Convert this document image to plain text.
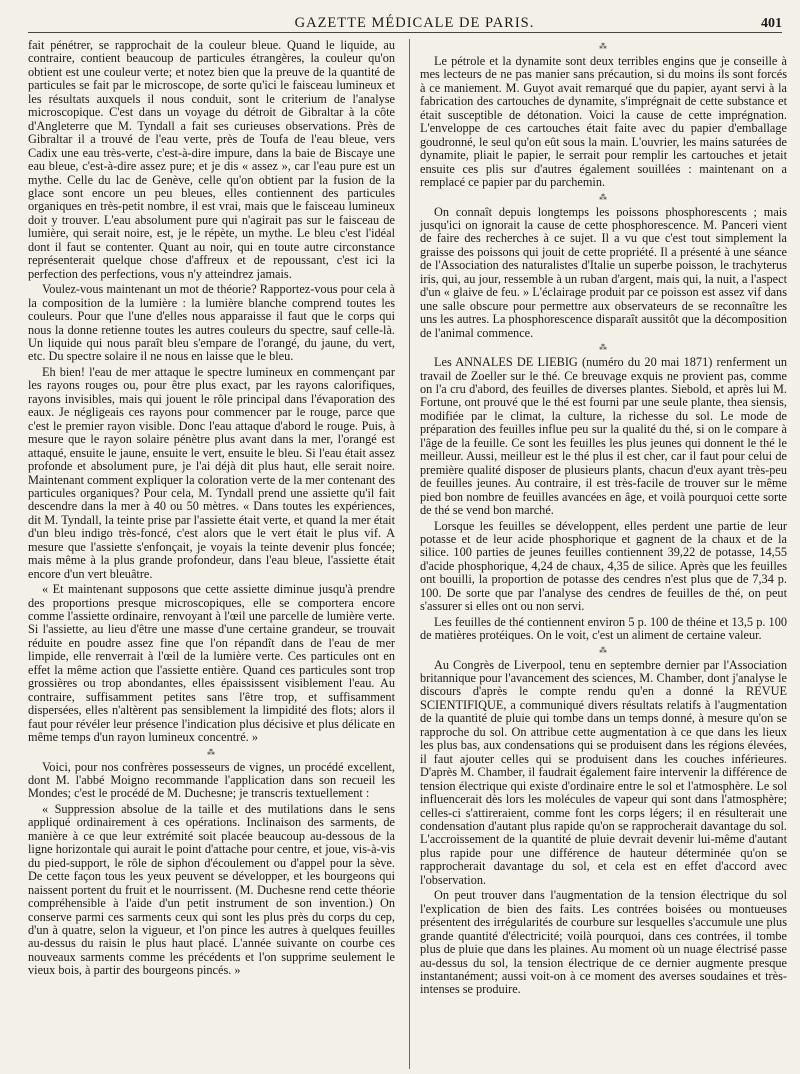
GAZETTE MÉDICALE DE PARIS.	401

fait pénétrer, se rapprochait de la couleur bleue. Quand le liquide, au contraire, contient beaucoup de particules étrangères, la couleur qu'on obtient est une couleur verte; et notez bien que la preuve de la quantité de particules se fait par le microscope, de sorte qu'ici le faisceau lumineux et les résultats auxquels il nous conduit, sont le criterium de l'analyse microscopique. C'est dans un voyage du détroit de Gibraltar à la côte d'Angleterre que M. Tyndall a fait ses curieuses observations. Près de Gibraltar il a trouvé de l'eau verte, près de Toufa de l'eau bleue, vers Cadix une eau très-verte, c'est-à-dire impure, dans la baie de Biscaye une eau bleue, c'est-à-dire assez pure; et je dis « assez », car l'eau pure est un mythe. Celle du lac de Genève, celle qu'on obtient par la fusion de la glace sont encore un peu bleues, elles contiennent des particules organiques en très-petit nombre, il est vrai, mais que le faisceau lumineux doit y trouver. L'eau absolument pure qui n'agirait pas sur le faisceau de lumière, qui serait noire, est, je le répète, un mythe. Le bleu c'est l'idéal dont il faut se contenter. Quant au noir, qui en toute autre circonstance représenterait quelque chose d'affreux et de repoussant, c'est ici la perfection des perfections, vous n'y atteindrez jamais.

Voulez-vous maintenant un mot de théorie? Rapportez-vous pour cela à la composition de la lumière : la lumière blanche comprend toutes les couleurs. Pour que l'une d'elles nous apparaisse il faut que le corps qui nous la donne retienne toutes les autres couleurs du spectre, sauf celle-là. Un liquide qui nous paraît bleu s'empare de l'orangé, du jaune, du vert, etc. Du spectre solaire il ne nous en laisse que le bleu.

Eh bien! l'eau de mer attaque le spectre lumineux en commençant par les rayons rouges ou, pour être plus exact, par les rayons calorifiques, rayons invisibles, mais qui jouent le rôle principal dans l'évaporation des eaux. Je négligeais ces rayons pour commencer par le rouge, parce que c'est le premier rayon visible. Donc l'eau attaque d'abord le rouge. Puis, à mesure que le rayon solaire pénètre plus avant dans la mer, l'orangé est attaqué, ensuite le jaune, ensuite le vert, ensuite le bleu. Si l'eau était assez profonde et absolument pure, je l'ai déjà dit plus haut, elle serait noire. Maintenant comment expliquer la coloration verte de la mer contenant des particules organiques? Pour cela, M. Tyndall prend une assiette qu'il fait descendre dans la mer à 40 ou 50 mètres. « Dans toutes les expériences, dit M. Tyndall, la teinte prise par l'assiette était verte, et quand la mer était d'un bleu indigo très-foncé, c'est alors que le vert était le plus vif. A mesure que l'assiette s'enfonçait, je voyais la teinte devenir plus foncée; mais même à la plus grande profondeur, dans l'eau bleue, l'assiette était encore d'un vert bleuâtre.

« Et maintenant supposons que cette assiette diminue jusqu'à prendre des proportions presque microscopiques, elle se comportera encore comme l'assiette ordinaire, renvoyant à l'œil une parcelle de lumière verte. Si l'assiette, au lieu d'être une masse d'une certaine grandeur, se trouvait réduite en poudre assez fine que l'on répandît dans de l'eau de mer limpide, elle renverrait à l'œil de la lumière verte. Ces particules ont en effet la même action que l'assiette entière. Quand ces particules sont trop grossières ou trop abondantes, elles épaississent visiblement l'eau. Au contraire, suffisamment petites sans l'être trop, et suffisamment dispersées, elles n'altèrent pas sensiblement la limpidité des flots; alors il faut pour révéler leur présence l'indication plus décisive et plus délicate en même temps d'un rayon lumineux concentré. »

⁂

Voici, pour nos confrères possesseurs de vignes, un procédé excellent, dont M. l'abbé Moigno recommande l'application dans son recueil les Mondes; c'est le procédé de M. Duchesne; je transcris textuellement :

« Suppression absolue de la taille et des mutilations dans le sens appliqué ordinairement à ces opérations. Inclinaison des sarments, de manière à ce que leur extrémité soit placée beaucoup au-dessous de la ligne horizontale qui aurait le point d'attache pour centre, et joue, vis-à-vis du pied-support, le rôle de siphon d'écoulement ou d'appel pour la sève. De cette façon tous les yeux peuvent se développer, et les bourgeons qui naissent portent du fruit et le nourrissent. (M. Duchesne rend cette théorie compréhensible à l'aide d'un petit instrument de son invention.) On conserve parmi ces sarments ceux qui sont les plus près du corps du cep, d'un à quatre, selon la vigueur, et l'on pince les autres à quelques feuilles au-dessus du raisin le plus haut placé. L'année suivante on courbe ces nouveaux sarments comme les précédents et l'on supprime seulement le vieux bois, à partir des bourgeons pincés. »

⁂

Le pétrole et la dynamite sont deux terribles engins que je conseille à mes lecteurs de ne pas manier sans précaution, si du moins ils sont forcés à ce maniement. M. Guyot avait remarqué que du papier, ayant servi à la fabrication des cartouches de dynamite, s'imprégnait de cette substance et était susceptible de détonation. Voici la cause de cette imprégnation. L'enveloppe de ces cartouches était faite avec du papier d'emballage goudronné, le seul qu'on eût sous la main. L'ouvrier, les mains saturées de dynamite, pliait le papier, le serrait pour remplir les cartouches et jetait ensuite ces plis sur d'autres également souillées : maintenant on a remplacé ce papier par du parchemin.

⁂

On connaît depuis longtemps les poissons phosphorescents ; mais jusqu'ici on ignorait la cause de cette phosphorescence. M. Panceri vient de faire des recherches à ce sujet. Il a vu que c'est tout simplement la graisse des poissons qui jouit de cette propriété. Il a présenté à une séance de l'Association des naturalistes d'Italie un superbe poisson, le trachyterus iris, qui, au jour, ressemble à un ruban d'argent, mais qui, la nuit, a l'aspect d'un « glaive de feu. » L'éclairage produit par ce poisson est assez vif dans une salle obscure pour permettre aux observateurs de se reconnaître les uns les autres. La phosphorescence disparaît aussitôt que la décomposition de l'animal commence.

⁂

Les ANNALES DE LIEBIG (numéro du 20 mai 1871) renferment un travail de Zoeller sur le thé. Ce breuvage exquis ne provient pas, comme on l'a cru d'abord, des feuilles de diverses plantes. Siebold, et après lui M. Fortune, ont prouvé que le thé est fourni par une seule plante, thea siensis, modifiée par le climat, la culture, la richesse du sol. Le mode de préparation des feuilles influe peu sur la qualité du thé, si on le compare à l'âge de la feuille. Ce sont les feuilles les plus jeunes qui donnent le thé le meilleur. Aussi, meilleur est le thé plus il est cher, car il faut pour celui de première qualité disposer de plusieurs plants, chacun d'eux ayant très-peu de feuilles jeunes. Au contraire, il est très-facile de trouver sur le même pied bon nombre de feuilles avancées en âge, et voilà pourquoi cette sorte de thé se vend bon marché.

Lorsque les feuilles se développent, elles perdent une partie de leur potasse et de leur acide phosphorique et gagnent de la chaux et de la silice. 100 parties de jeunes feuilles contiennent 39,22 de potasse, 14,55 d'acide phosphorique, 4,24 de chaux, 4,35 de silice. Après que les feuilles ont bouilli, la proportion de potasse des cendres n'est plus que de 7,34 p. 100. De sorte que par l'analyse des cendres de feuilles de thé, on peut s'assurer si elles ont ou non servi.

Les feuilles de thé contiennent environ 5 p. 100 de théine et 13,5 p. 100 de matières protéiques. On le voit, c'est un aliment de certaine valeur.

⁂

Au Congrès de Liverpool, tenu en septembre dernier par l'Association britannique pour l'avancement des sciences, M. Chamber, dont j'analyse le discours d'après le compte rendu qu'en a donné la REVUE SCIENTIFIQUE, a communiqué divers résultats relatifs à l'augmentation de la quantité de pluie qui tombe dans un temps donné, à mesure qu'on se rapproche du sol. On attribue cette augmentation à ce que dans les lieux les plus bas, aux condensations qui se produisent dans les régions élevées, il faut ajouter celles qui se produisent dans les couches inférieures. D'après M. Chamber, il faudrait également faire intervenir la différence de tension électrique qui existe d'ordinaire entre le sol et l'atmosphère. Le sol influencerait dès lors les molécules de vapeur qui sont dans l'atmosphère; celles-ci s'attireraient, comme font les corps légers; il en résulterait une condensation d'autant plus rapide qu'on se rapprocherait davantage du sol. L'accroissement de la quantité de pluie devrait devenir lui-même d'autant plus rapide pour une différence de hauteur déterminée qu'on se rapprocherait davantage du sol, et cela est en effet d'accord avec l'observation.

On peut trouver dans l'augmentation de la tension électrique du sol l'explication de bien des faits. Les contrées boisées ou montueuses présentent des irrégularités de courbure sur lesquelles s'accumule une plus grande quantité d'électricité; voilà pourquoi, dans ces contrées, il tombe plus de pluie que dans les plaines. Au moment où un nuage électrisé passe au-dessus du sol, la tension électrique de ce dernier augmente presque instantanément; aussi voit-on à ce moment des averses soudaines et très-intenses se produire.
